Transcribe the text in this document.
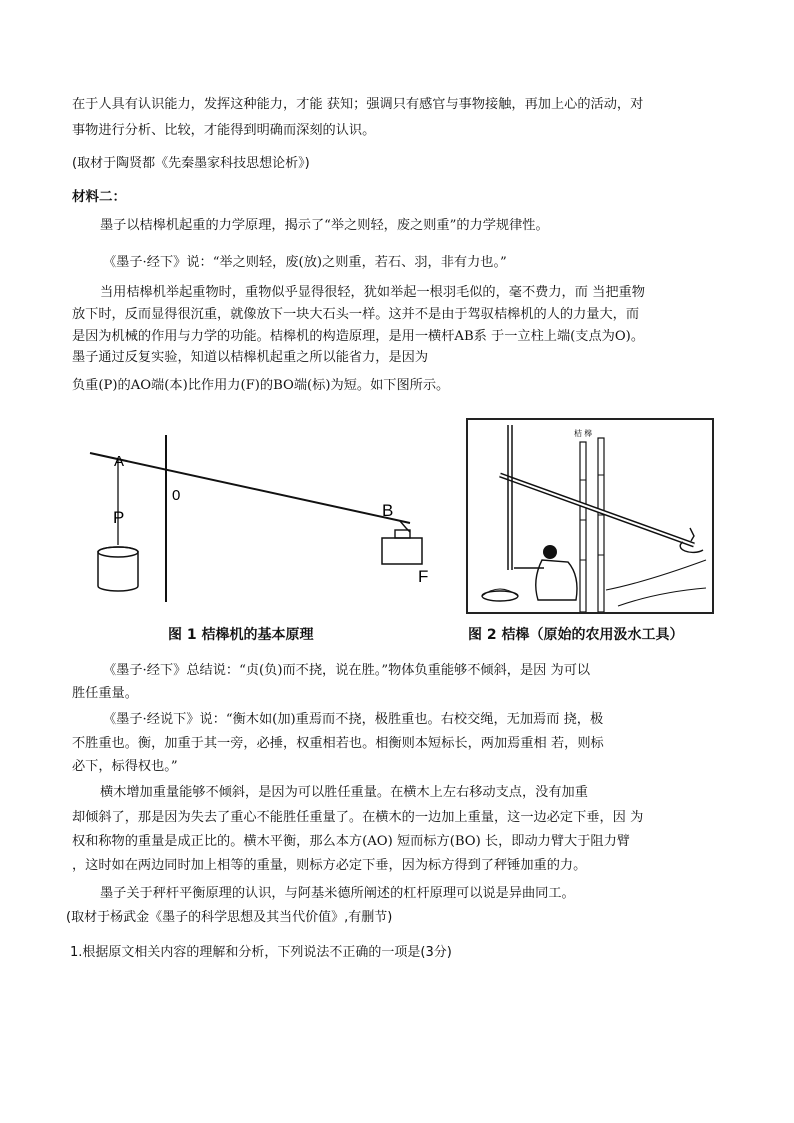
在于人具有认识能力，发挥这种能力，才能 获知；强调只有感官与事物接触，再加上心的活动，对
事物进行分析、比较，才能得到明确而深刻的认识。
(取材于陶贤都《先秦墨家科技思想论析》)
材料二：
墨子以桔槔机起重的力学原理，揭示了“举之则轻，废之则重”的力学规律性。
《墨子·经下》说：“举之则轻，废(放)之则重，若石、羽，非有力也。”
当用桔槔机举起重物时，重物似乎显得很轻，犹如举起一根羽毛似的，毫不费力，而 当把重物
放下时，反而显得很沉重，就像放下一块大石头一样。这并不是由于驾驭桔槔机的人的力量大，而
是因为机械的作用与力学的功能。桔槔机的构造原理，是用一横杆AB系 于一立柱上端(支点为O)。
墨子通过反复实验，知道以桔槔机起重之所以能省力，是因为
负重(P)的AO端(本)比作用力(F)的BO端(标)为短。如下图所示。
A
0
P	B
F
图 1 桔槔机的基本原理
桔 槔
图 2 桔槔（原始的农用汲水工具）
《墨子·经下》总结说：“贞(负)而不挠，说在胜。”物体负重能够不倾斜，是因 为可以
胜任重量。
《墨子·经说下》说：“衡木如(加)重焉而不挠，极胜重也。右校交绳，无加焉而 挠，极
不胜重也。衡，加重于其一旁，必捶，权重相若也。相衡则本短标长，两加焉重相 若，则标
必下，标得权也。”
横木增加重量能够不倾斜，是因为可以胜任重量。在横木上左右移动支点，没有加重
却倾斜了，那是因为失去了重心不能胜任重量了。在横木的一边加上重量，这一边必定下垂，因 为
权和称物的重量是成正比的。横木平衡，那么本方(AO) 短而标方(BO) 长，即动力臂大于阻力臂
，这时如在两边同时加上相等的重量，则标方必定下垂，因为标方得到了秤锤加重的力。
墨子关于秤杆平衡原理的认识，与阿基米德所阐述的杠杆原理可以说是异曲同工。
(取材于杨武金《墨子的科学思想及其当代价值》,有删节)
1.根据原文相关内容的理解和分析，下列说法不正确的一项是(3分)
